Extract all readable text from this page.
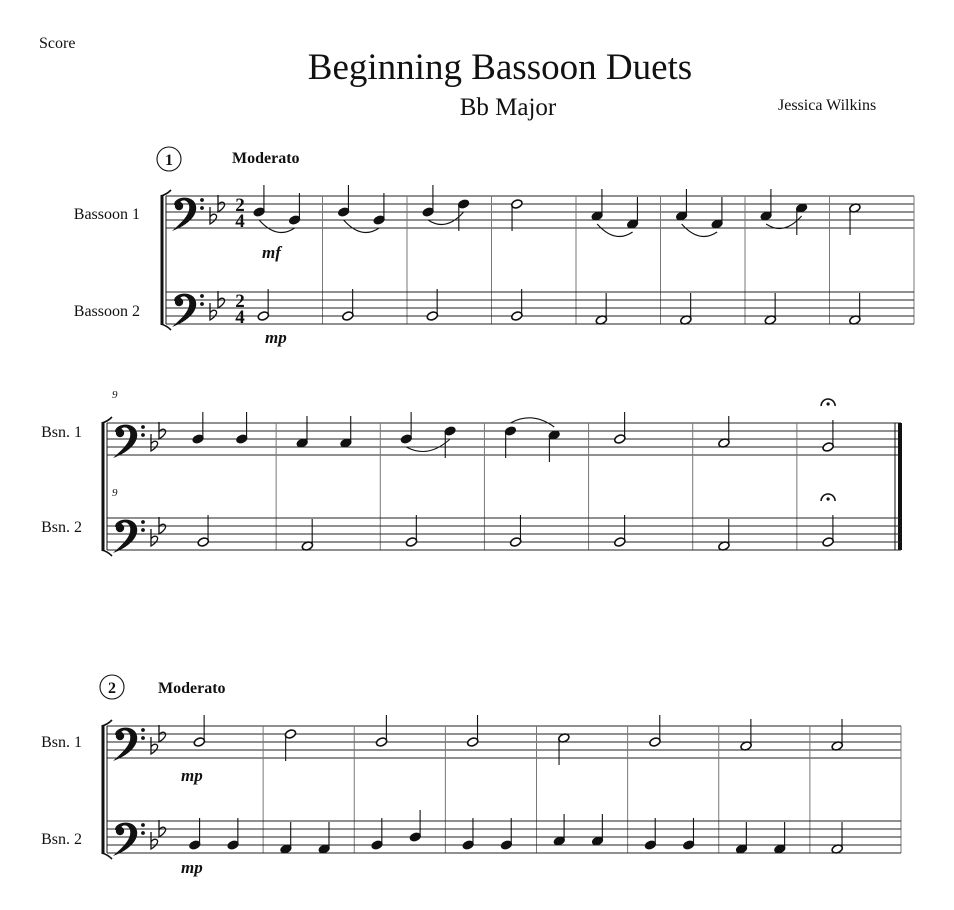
Score
Beginning Bassoon Duets
Bb Major	Jessica Wilkins
1	Moderato
2
4
Bassoon 1
mf
2
4
Bassoon 2
mp
Bsn. 1
9
Bsn. 2
9
2	Moderato
Bsn. 1
mp
Bsn. 2
mp
